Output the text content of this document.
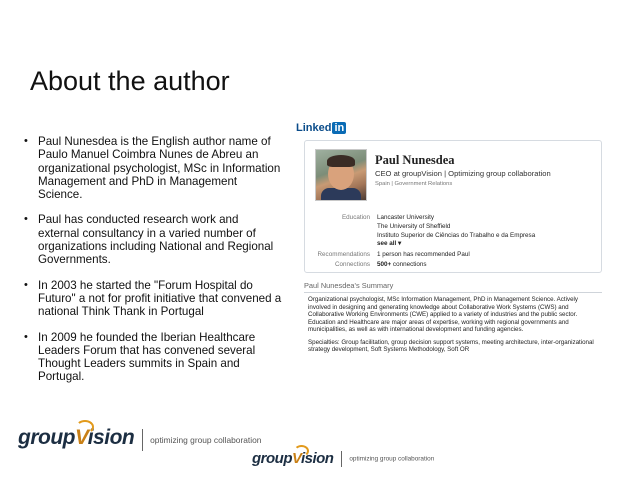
About the author
• Paul Nunesdea is the English author name of Paulo Manuel Coimbra Nunes de Abreu an organizational psychologist, MSc in Information Management and PhD in Management Science.
• Paul has conducted research work and external consultancy in a varied number of organizations including National and Regional Governments.
• In 2003 he started the "Forum Hospital do Futuro" a not for profit initiative that convened a national Think Thank in Portugal
• In 2009 he founded the Iberian Healthcare Leaders Forum that has convened several Thought Leaders summits in Spain and Portugal.
Linked in
Paul Nunesdea
CEO at groupVision | Optimizing group collaboration
Spain | Government Relations
Education Lancaster University
The University of Sheffield
Instituto Superior de Ciências do Trabalho e da Empresa
see all ▾
Recommendations 1 person has recommended Paul
Connections 500+ connections
Paul Nunesdea's Summary

Organizational psychologist, MSc Information Management, PhD in Management Science. Actively involved in designing and generating knowledge about Collaborative Work Systems (CWS) and Collaborative Working Environments (CWE) applied to a variety of industries and the public sector. Education and Healthcare are major areas of expertise, working with regional governments and municipalities, as well as with international development and funding agencies.

Specialties: Group facilitation, group decision support systems, meeting architecture, inter-organizational strategy development, Soft Systems Methodology, Soft OR

groupVision optimizing group collaboration
groupVision optimizing group collaboration
